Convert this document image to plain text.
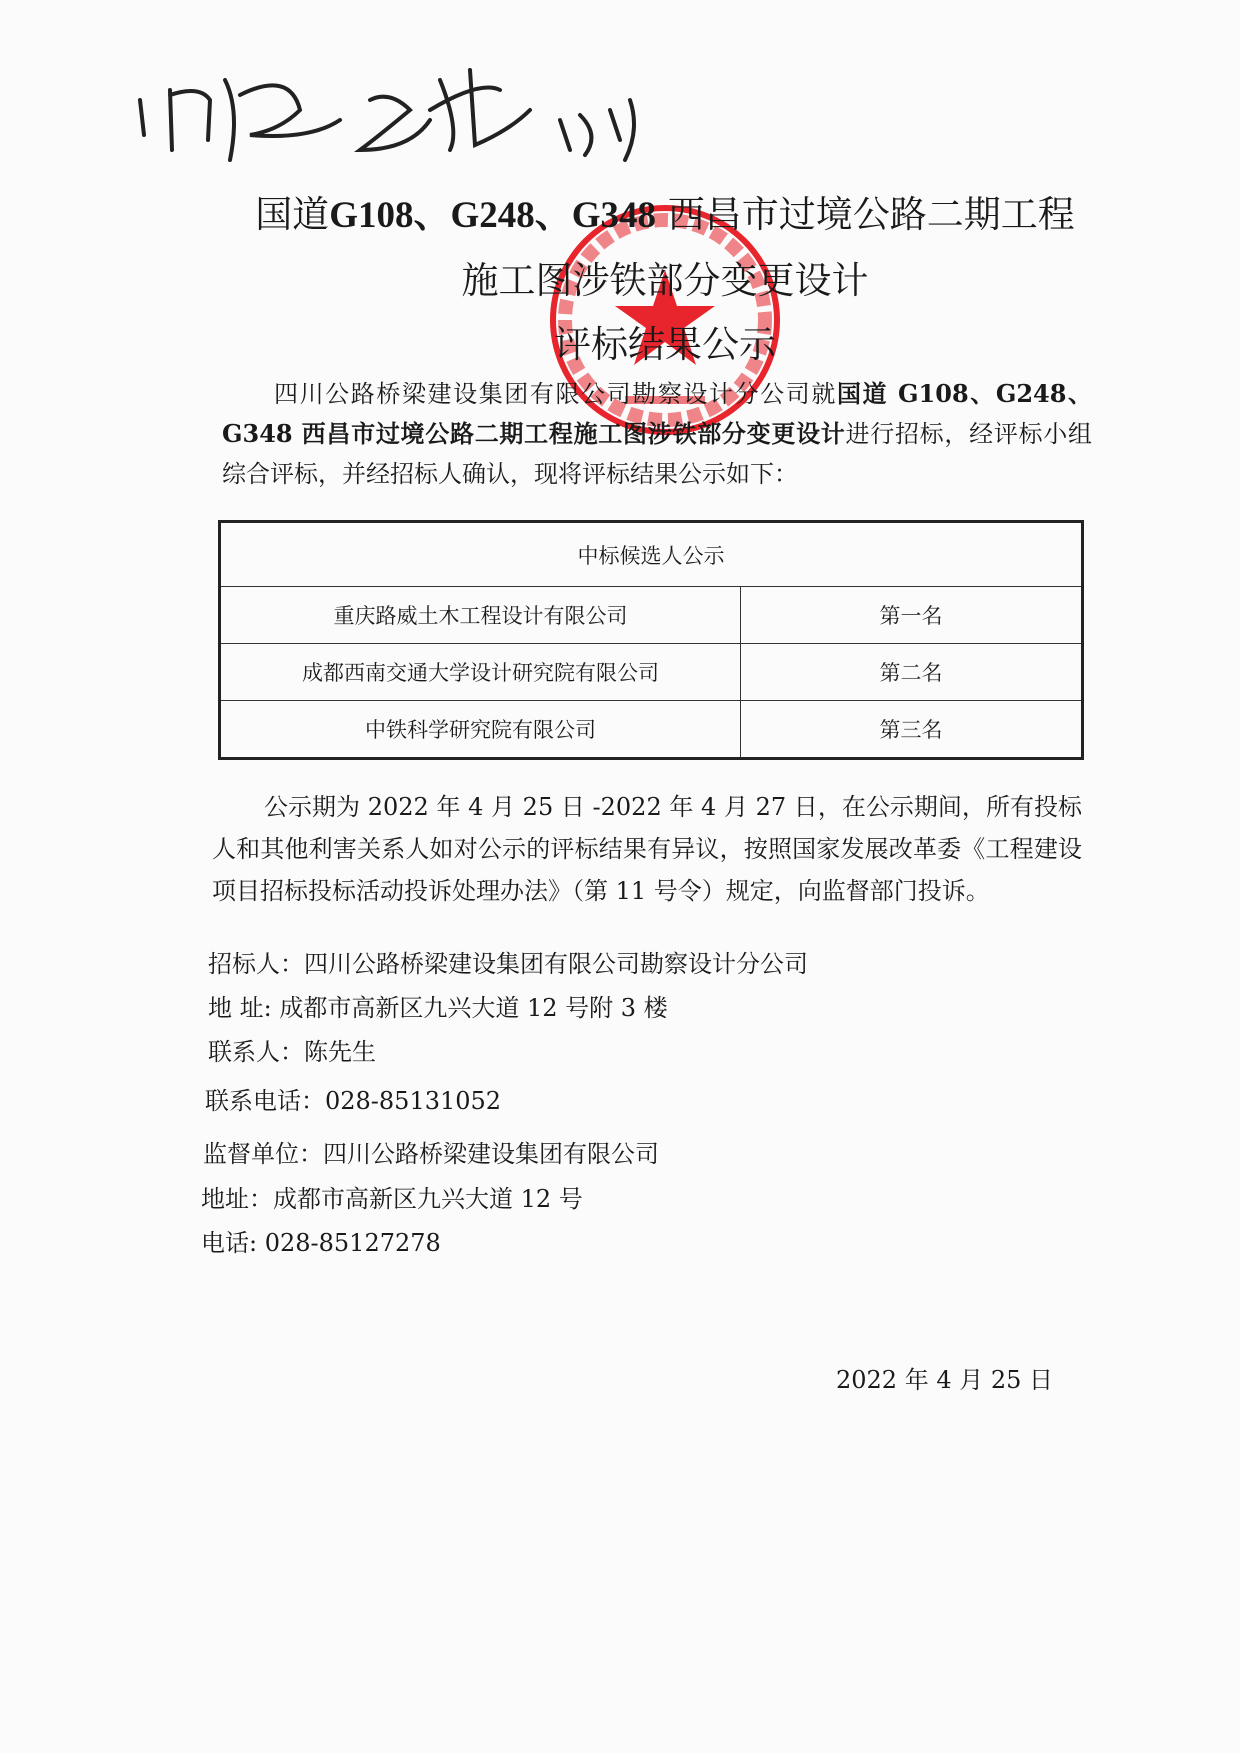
国道G108、G248、G348 西昌市过境公路二期工程
施工图涉铁部分变更设计
评标结果公示
四川公路桥梁建设集团有限公司勘察设计分公司就国道 G108、G248、G348 西昌市过境公路二期工程施工图涉铁部分变更设计进行招标，经评标小组综合评标，并经招标人确认，现将评标结果公示如下：
中标候选人公示	
重庆路威土木工程设计有限公司	第一名
成都西南交通大学设计研究院有限公司	第二名
中铁科学研究院有限公司	第三名
公示期为 2022 年 4 月 25 日 -2022 年 4 月 27 日，在公示期间，所有投标人和其他利害关系人如对公示的评标结果有异议，按照国家发展改革委《工程建设项目招标投标活动投诉处理办法》（第 11 号令）规定，向监督部门投诉。
招标人：四川公路桥梁建设集团有限公司勘察设计分公司
地 址: 成都市高新区九兴大道 12 号附 3 楼
联系人：陈先生
联系电话：028-85131052
监督单位：四川公路桥梁建设集团有限公司
地址：成都市高新区九兴大道 12 号
电话: 028-85127278
2022 年 4 月 25 日
